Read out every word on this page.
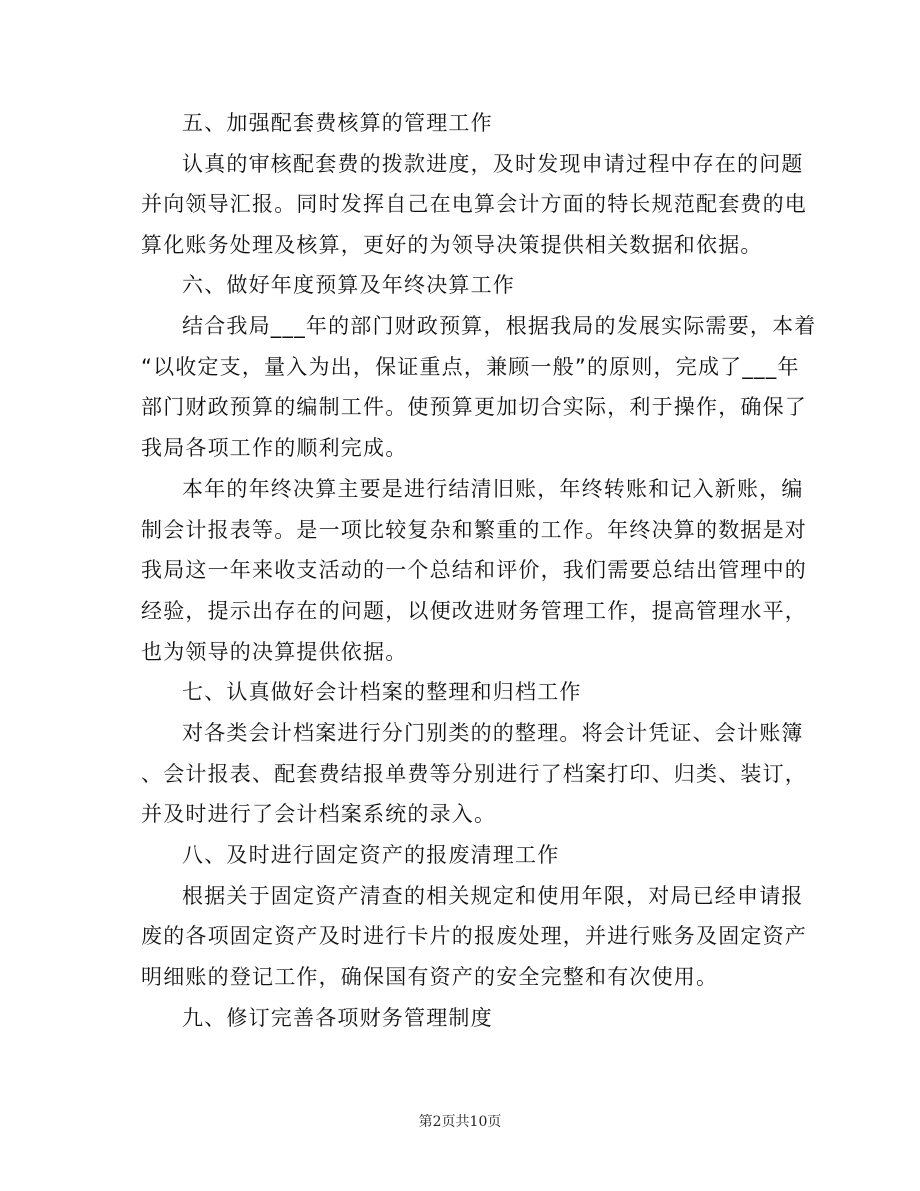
五、加强配套费核算的管理工作
认真的审核配套费的拨款进度，及时发现申请过程中存在的问题
并向领导汇报。同时发挥自己在电算会计方面的特长规范配套费的电
算化账务处理及核算，更好的为领导决策提供相关数据和依据。
六、做好年度预算及年终决算工作
结合我局___年的部门财政预算，根据我局的发展实际需要，本着
“以收定支，量入为出，保证重点，兼顾一般”的原则，完成了___年
部门财政预算的编制工件。使预算更加切合实际，利于操作，确保了
我局各项工作的顺利完成。
本年的年终决算主要是进行结清旧账，年终转账和记入新账，编
制会计报表等。是一项比较复杂和繁重的工作。年终决算的数据是对
我局这一年来收支活动的一个总结和评价，我们需要总结出管理中的
经验，提示出存在的问题，以便改进财务管理工作，提高管理水平，
也为领导的决算提供依据。
七、认真做好会计档案的整理和归档工作
对各类会计档案进行分门别类的的整理。将会计凭证、会计账簿
、会计报表、配套费结报单费等分别进行了档案打印、归类、装订，
并及时进行了会计档案系统的录入。
八、及时进行固定资产的报废清理工作
根据关于固定资产清查的相关规定和使用年限，对局已经申请报
废的各项固定资产及时进行卡片的报废处理，并进行账务及固定资产
明细账的登记工作，确保国有资产的安全完整和有次使用。
九、修订完善各项财务管理制度
第2页共10页
